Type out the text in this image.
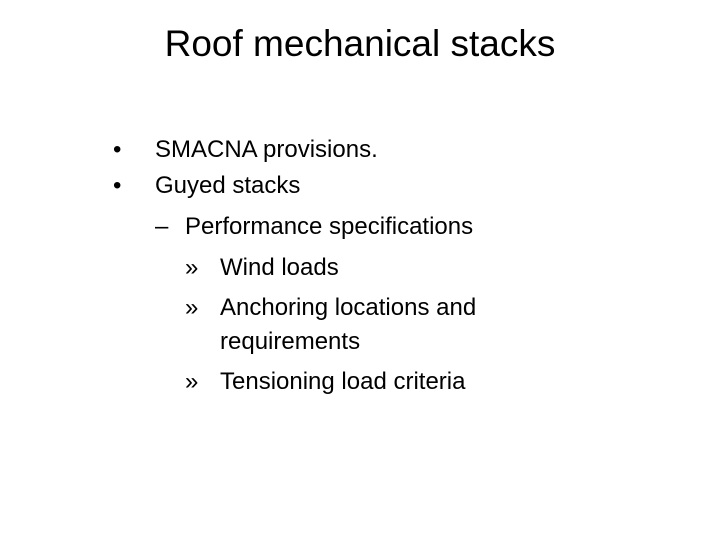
Roof mechanical stacks
• SMACNA provisions.
• Guyed stacks
– Performance specifications
» Wind loads
» Anchoring locations and
requirements
» Tensioning load criteria
